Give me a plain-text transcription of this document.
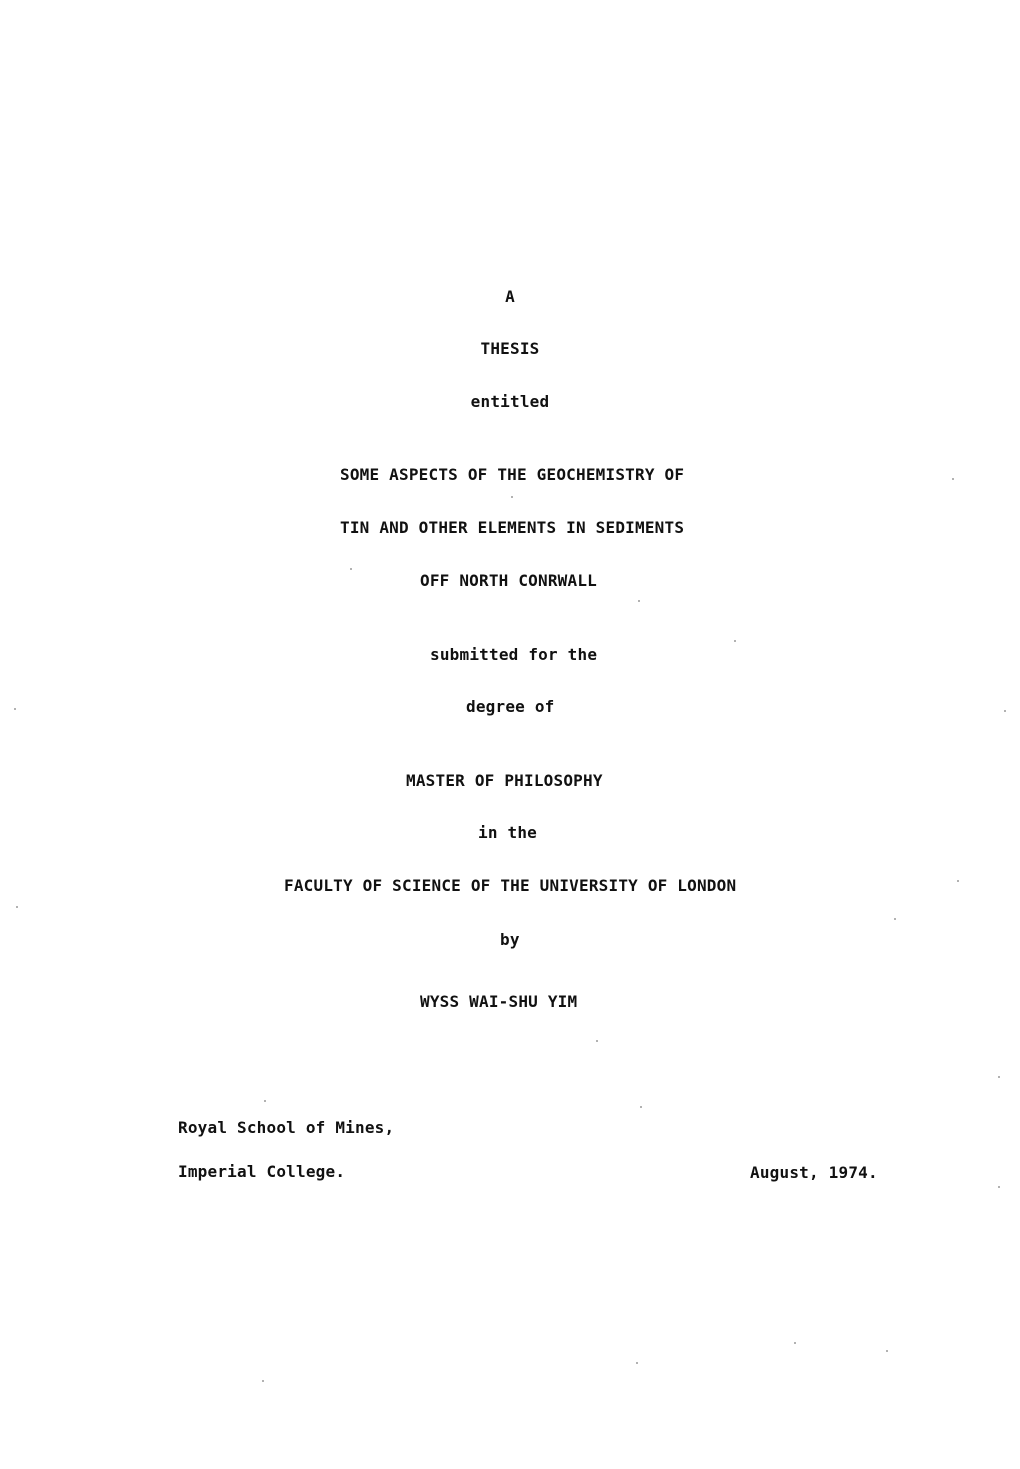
A
THESIS
entitled
SOME ASPECTS OF THE GEOCHEMISTRY OF
TIN AND OTHER ELEMENTS IN SEDIMENTS
OFF NORTH CONRWALL
submitted for the
degree of
MASTER OF PHILOSOPHY
in the
FACULTY OF SCIENCE OF THE UNIVERSITY OF LONDON
by
WYSS WAI-SHU YIM
Royal School of Mines,
Imperial College.	August, 1974.
